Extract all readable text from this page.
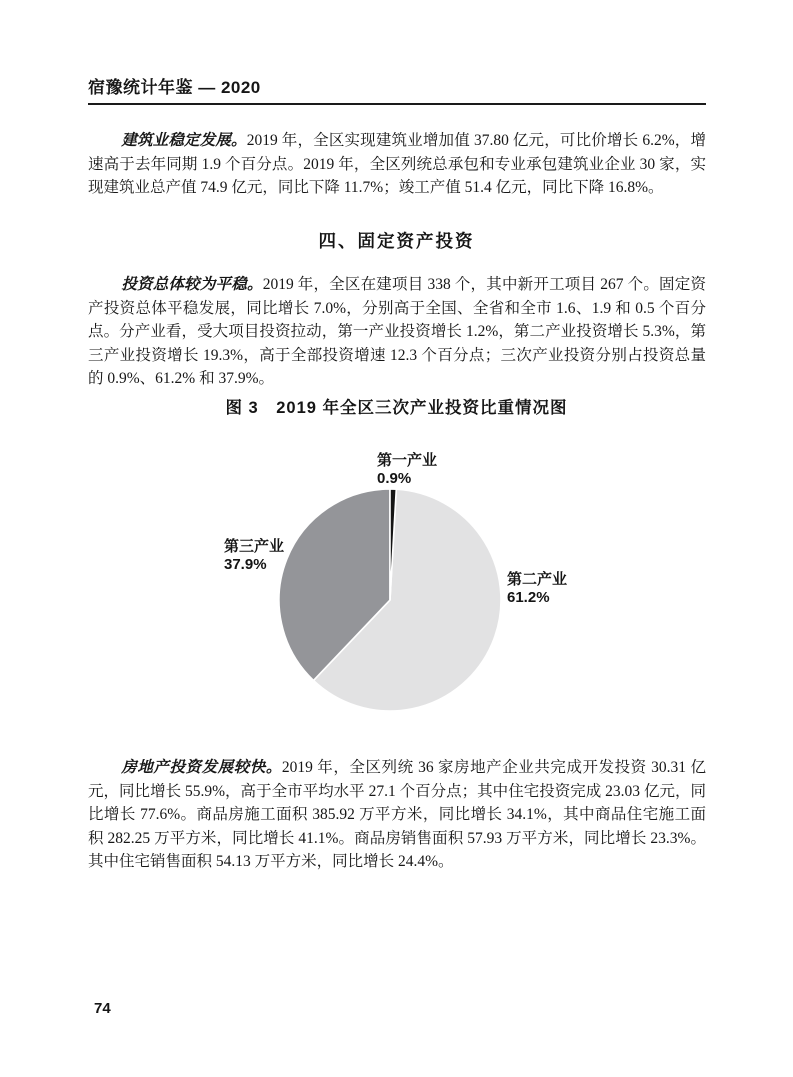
宿豫统计年鉴 — 2020

建筑业稳定发展。2019 年，全区实现建筑业增加值 37.80 亿元，可比价增长 6.2%，增速高于去年同期 1.9 个百分点。2019 年，全区列统总承包和专业承包建筑业企业 30 家，实现建筑业总产值 74.9 亿元，同比下降 11.7%；竣工产值 51.4 亿元，同比下降 16.8%。

四、固定资产投资

投资总体较为平稳。2019 年，全区在建项目 338 个，其中新开工项目 267 个。固定资产投资总体平稳发展，同比增长 7.0%，分别高于全国、全省和全市 1.6、1.9 和 0.5 个百分点。分产业看，受大项目投资拉动，第一产业投资增长 1.2%，第二产业投资增长 5.3%，第三产业投资增长 19.3%，高于全部投资增速 12.3 个百分点；三次产业投资分别占投资总量的 0.9%、61.2% 和 37.9%。

图 3　2019 年全区三次产业投资比重情况图
第一产业
0.9%
第二产业
61.2%
第三产业
37.9%

房地产投资发展较快。2019 年，全区列统 36 家房地产企业共完成开发投资 30.31 亿元，同比增长 55.9%，高于全市平均水平 27.1 个百分点；其中住宅投资完成 23.03 亿元，同比增长 77.6%。商品房施工面积 385.92 万平方米，同比增长 34.1%，其中商品住宅施工面积 282.25 万平方米，同比增长 41.1%。商品房销售面积 57.93 万平方米，同比增长 23.3%。其中住宅销售面积 54.13 万平方米，同比增长 24.4%。

74
